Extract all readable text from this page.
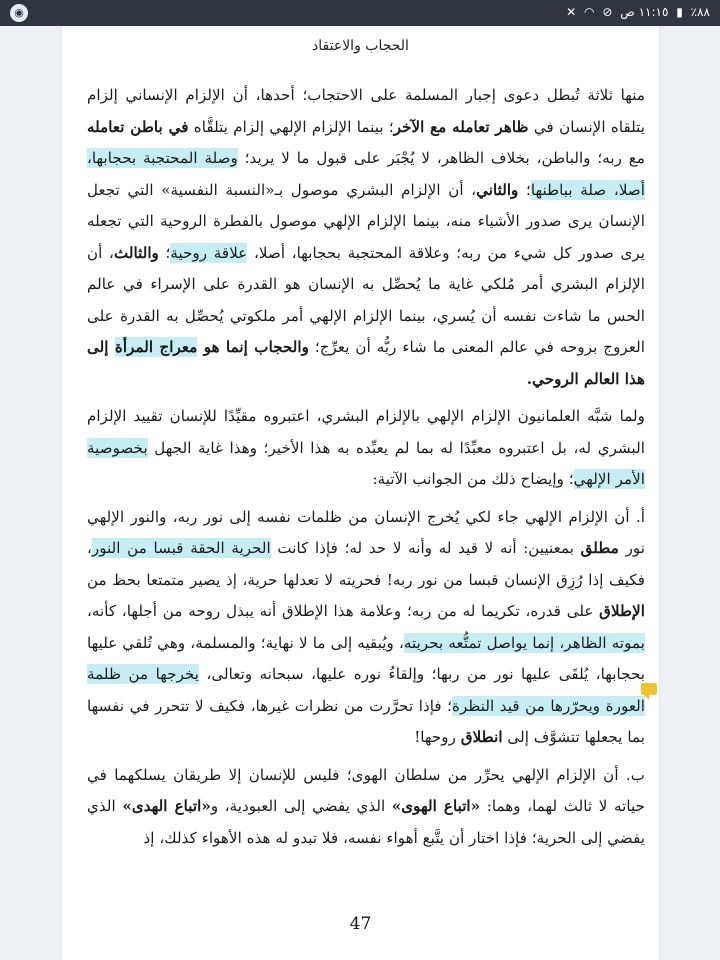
◉	✕ ◠ ⊘	٨٨٪ ▮ ١١:١٥ ص
الحجاب والاعتقاد

منها ثلاثة تُبطل دعوى إجبار المسلمة على الاحتجاب؛ أحدها، أن الإلزام الإنساني إلزام يتلقاه الإنسان في ظاهر تعامله مع الآخر؛ بينما الإلزام الإلهي إلزام يتلقَّاه في باطن تعامله مع ربه؛ والباطن، بخلاف الظاهر، لا يُجْبَر على قبول ما لا يريد؛ وصلة المحتجبة بحجابها، أصلا، صلة بباطنها؛ والثاني، أن الإلزام البشري موصول بـ«النسبة النفسية» التي تجعل الإنسان يرى صدور الأشياء منه، بينما الإلزام الإلهي موصول بالفطرة الروحية التي تجعله يرى صدور كل شيء من ربه؛ وعلاقة المحتجبة بحجابها، أصلا، علاقة روحية؛ والثالث، أن الإلزام البشري أمر مُلكي غاية ما يُحصِّل به الإنسان هو القدرة على الإسراء في عالم الحس ما شاءت نفسه أن يُسري، بينما الإلزام الإلهي أمر ملكوتي يُحصِّل به القدرة على العروج بروحه في عالم المعنى ما شاء ربُّه أن يعرِّج؛ والحجاب إنما هو معراج المرأة إلى هذا العالم الروحي.

ولما شبَّه العلمانيون الإلزام الإلهي بالإلزام البشري، اعتبروه مقيِّدًا للإنسان تقييد الإلزام البشري له، بل اعتبروه معبِّدًا له بما لم يعبِّده به هذا الأخير؛ وهذا غاية الجهل بخصوصية الأمر الإلهي؛ وإيضاح ذلك من الجوانب الآتية:

أ. أن الإلزام الإلهي جاء لكي يُخرج الإنسان من ظلمات نفسه إلى نور ربه، والنور الإلهي نور مطلق بمعنيين: أنه لا قيد له وأنه لا حد له؛ فإذا كانت الحرية الحقة قبسا من النور، فكيف إذا رُزِق الإنسان قبسا من نور ربه! فحريته لا تعدلها حرية، إذ يصير متمتعا بحظ من الإطلاق على قدره، تكريما له من ربه؛ وعلامة هذا الإطلاق أنه يبذل روحه من أجلها، كأنه، بموته الظاهر، إنما يواصل تمتُّعه بحريته، ويُبقيه إلى ما لا نهاية؛ والمسلمة، وهي تُلقي عليها بحجابها، يُلقَى عليها نور من ربها؛ وإلقاءُ نوره عليها، سبحانه وتعالى، يخرجها من ظلمة العورة ويحرّرها من قيد النظرة؛ فإذا تحرَّرت من نظرات غيرها، فكيف لا تتحرر في نفسها بما يجعلها تتشوَّف إلى انطلاق روحها!

ب. أن الإلزام الإلهي يحرِّر من سلطان الهوى؛ فليس للإنسان إلا طريقان يسلكهما في حياته لا ثالث لهما، وهما: «اتباع الهوى» الذي يفضي إلى العبودية، و«اتباع الهدى» الذي يفضي إلى الحرية؛ فإذا اختار أن يتَّبع أهواء نفسه، فلا تبدو له هذه الأهواء كذلك، إذ

47
